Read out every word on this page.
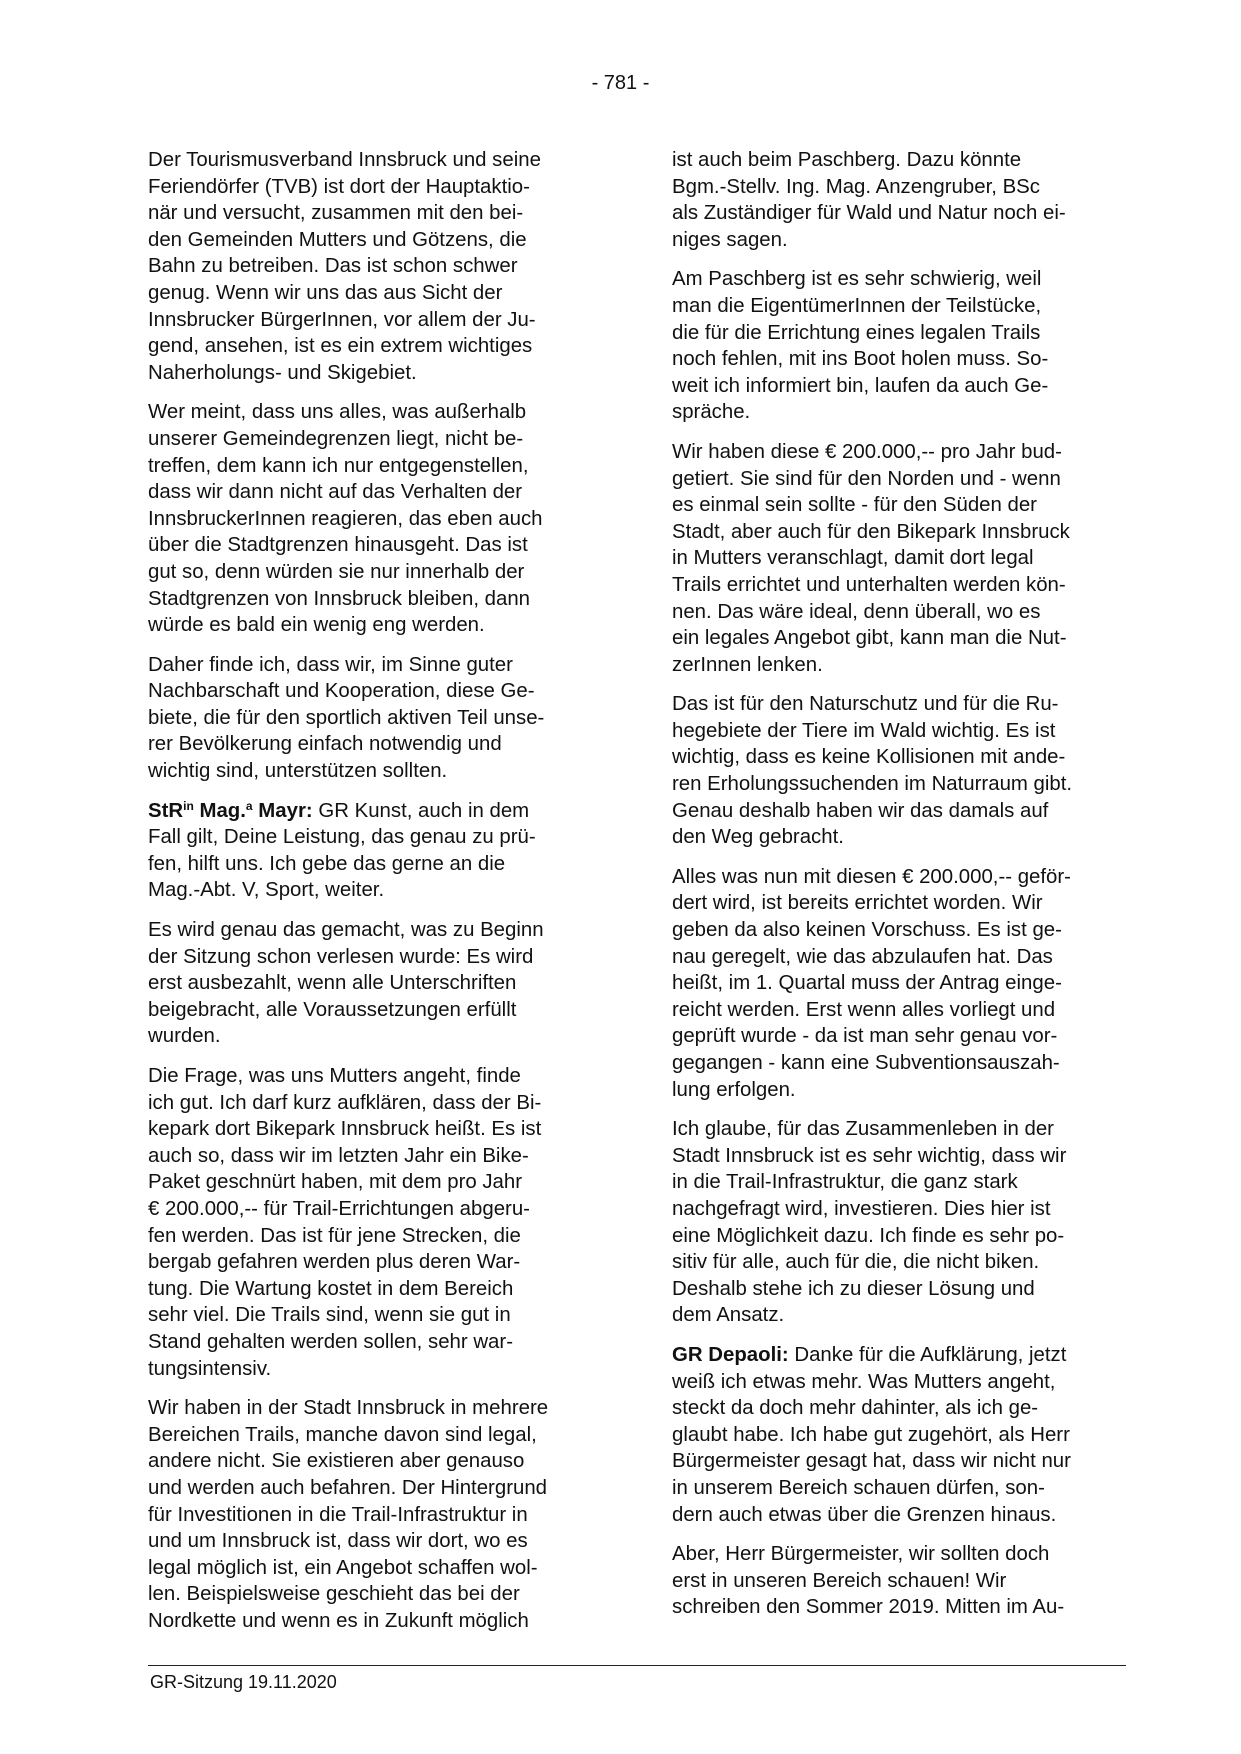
- 781 -

Der Tourismusverband Innsbruck und seine
Feriendörfer (TVB) ist dort der Hauptaktio-
när und versucht, zusammen mit den bei-
den Gemeinden Mutters und Götzens, die
Bahn zu betreiben. Das ist schon schwer
genug. Wenn wir uns das aus Sicht der
Innsbrucker BürgerInnen, vor allem der Ju-
gend, ansehen, ist es ein extrem wichtiges
Naherholungs- und Skigebiet.

Wer meint, dass uns alles, was außerhalb
unserer Gemeindegrenzen liegt, nicht be-
treffen, dem kann ich nur entgegenstellen,
dass wir dann nicht auf das Verhalten der
InnsbruckerInnen reagieren, das eben auch
über die Stadtgrenzen hinausgeht. Das ist
gut so, denn würden sie nur innerhalb der
Stadtgrenzen von Innsbruck bleiben, dann
würde es bald ein wenig eng werden.

Daher finde ich, dass wir, im Sinne guter
Nachbarschaft und Kooperation, diese Ge-
biete, die für den sportlich aktiven Teil unse-
rer Bevölkerung einfach notwendig und
wichtig sind, unterstützen sollten.

StR$^{in}$ Mag.$^a$ Mayr: GR Kunst, auch in dem
Fall gilt, Deine Leistung, das genau zu prü-
fen, hilft uns. Ich gebe das gerne an die
Mag.-Abt. V, Sport, weiter.

Es wird genau das gemacht, was zu Beginn
der Sitzung schon verlesen wurde: Es wird
erst ausbezahlt, wenn alle Unterschriften
beigebracht, alle Voraussetzungen erfüllt
wurden.

Die Frage, was uns Mutters angeht, finde
ich gut. Ich darf kurz aufklären, dass der Bi-
kepark dort Bikepark Innsbruck heißt. Es ist
auch so, dass wir im letzten Jahr ein Bike-
Paket geschnürt haben, mit dem pro Jahr
€ 200.000,-- für Trail-Errichtungen abgeru-
fen werden. Das ist für jene Strecken, die
bergab gefahren werden plus deren War-
tung. Die Wartung kostet in dem Bereich
sehr viel. Die Trails sind, wenn sie gut in
Stand gehalten werden sollen, sehr war-
tungsintensiv.

Wir haben in der Stadt Innsbruck in mehrere
Bereichen Trails, manche davon sind legal,
andere nicht. Sie existieren aber genauso
und werden auch befahren. Der Hintergrund
für Investitionen in die Trail-Infrastruktur in
und um Innsbruck ist, dass wir dort, wo es
legal möglich ist, ein Angebot schaffen wol-
len. Beispielsweise geschieht das bei der
Nordkette und wenn es in Zukunft möglich

ist auch beim Paschberg. Dazu könnte
Bgm.-Stellv. Ing. Mag. Anzengruber, BSc
als Zuständiger für Wald und Natur noch ei-
niges sagen.

Am Paschberg ist es sehr schwierig, weil
man die EigentümerInnen der Teilstücke,
die für die Errichtung eines legalen Trails
noch fehlen, mit ins Boot holen muss. So-
weit ich informiert bin, laufen da auch Ge-
spräche.

Wir haben diese € 200.000,-- pro Jahr bud-
getiert. Sie sind für den Norden und - wenn
es einmal sein sollte - für den Süden der
Stadt, aber auch für den Bikepark Innsbruck
in Mutters veranschlagt, damit dort legal
Trails errichtet und unterhalten werden kön-
nen. Das wäre ideal, denn überall, wo es
ein legales Angebot gibt, kann man die Nut-
zerInnen lenken.

Das ist für den Naturschutz und für die Ru-
hegebiete der Tiere im Wald wichtig. Es ist
wichtig, dass es keine Kollisionen mit ande-
ren Erholungssuchenden im Naturraum gibt.
Genau deshalb haben wir das damals auf
den Weg gebracht.

Alles was nun mit diesen € 200.000,-- geför-
dert wird, ist bereits errichtet worden. Wir
geben da also keinen Vorschuss. Es ist ge-
nau geregelt, wie das abzulaufen hat. Das
heißt, im 1. Quartal muss der Antrag einge-
reicht werden. Erst wenn alles vorliegt und
geprüft wurde - da ist man sehr genau vor-
gegangen - kann eine Subventionsauszah-
lung erfolgen.

Ich glaube, für das Zusammenleben in der
Stadt Innsbruck ist es sehr wichtig, dass wir
in die Trail-Infrastruktur, die ganz stark
nachgefragt wird, investieren. Dies hier ist
eine Möglichkeit dazu. Ich finde es sehr po-
sitiv für alle, auch für die, die nicht biken.
Deshalb stehe ich zu dieser Lösung und
dem Ansatz.

GR Depaoli: Danke für die Aufklärung, jetzt
weiß ich etwas mehr. Was Mutters angeht,
steckt da doch mehr dahinter, als ich ge-
glaubt habe. Ich habe gut zugehört, als Herr
Bürgermeister gesagt hat, dass wir nicht nur
in unserem Bereich schauen dürfen, son-
dern auch etwas über die Grenzen hinaus.

Aber, Herr Bürgermeister, wir sollten doch
erst in unseren Bereich schauen! Wir
schreiben den Sommer 2019. Mitten im Au-

GR-Sitzung 19.11.2020
